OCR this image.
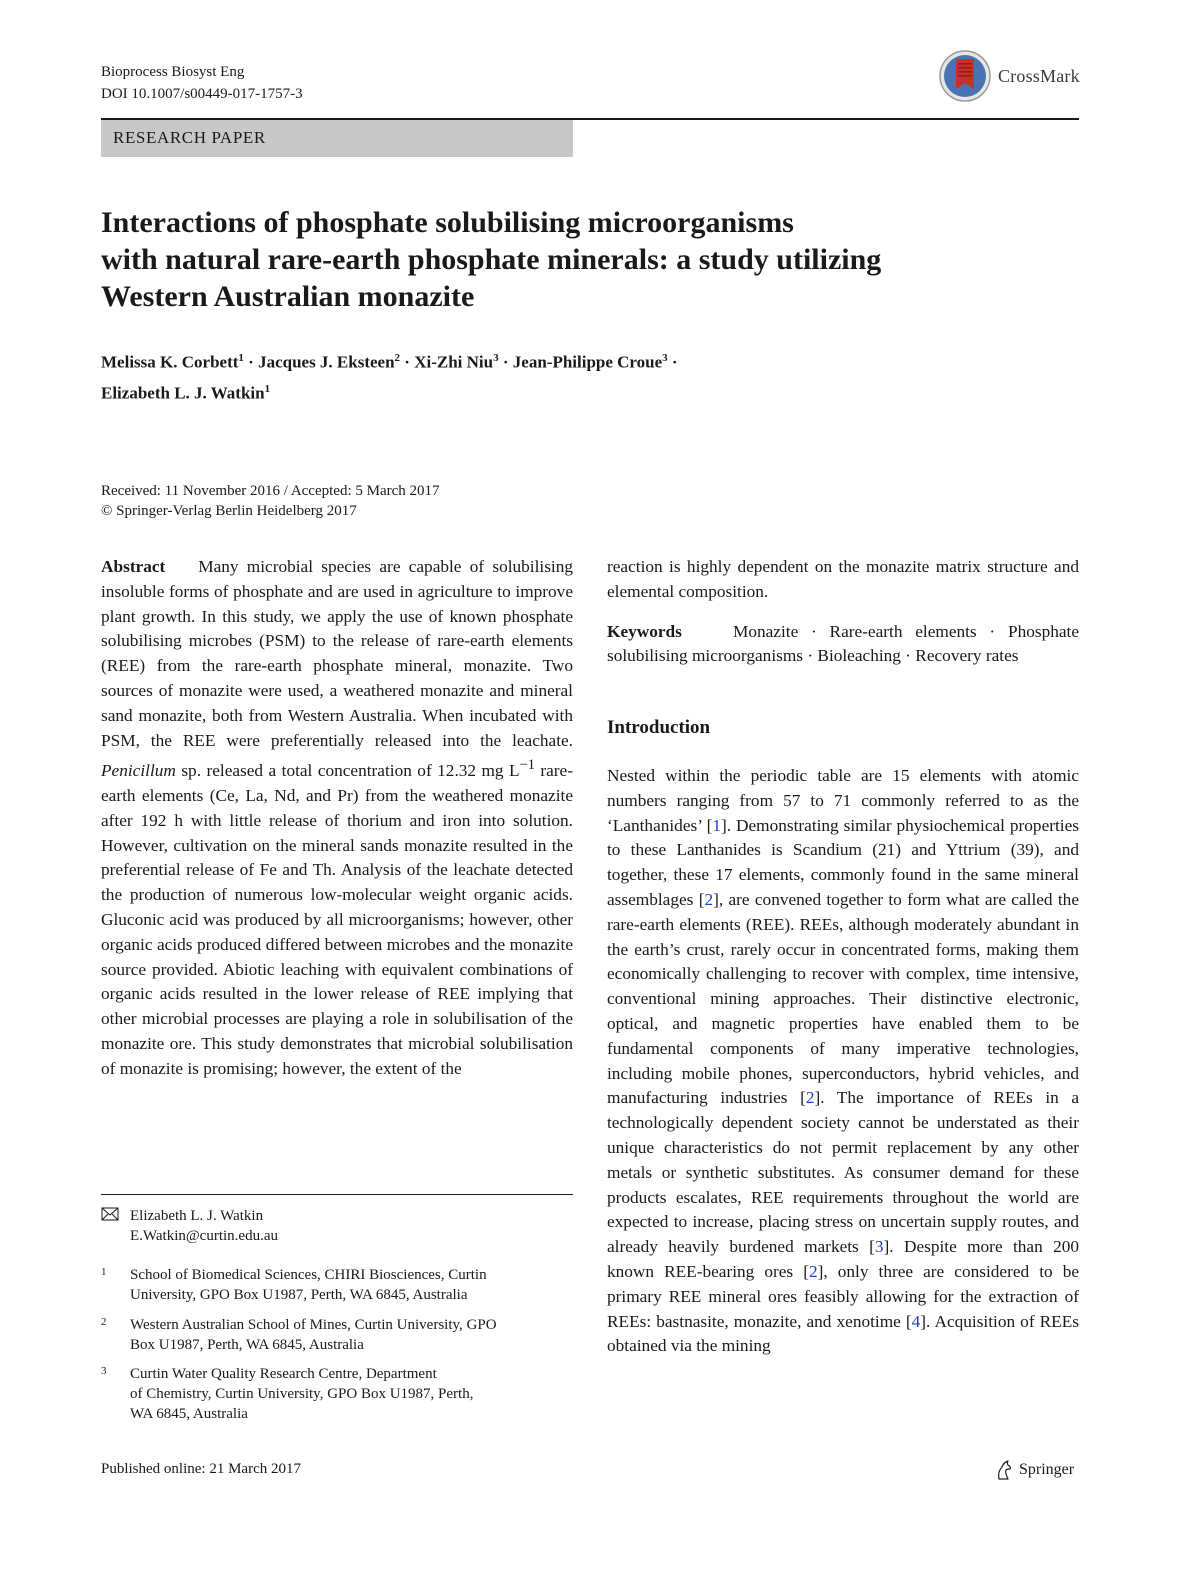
Bioprocess Biosyst Eng
DOI 10.1007/s00449-017-1757-3
CrossMark
RESEARCH PAPER
Interactions of phosphate solubilising microorganisms
with natural rare-earth phosphate minerals: a study utilizing
Western Australian monazite
Melissa K. Corbett$^1$ · Jacques J. Eksteen$^2$ · Xi-Zhi Niu$^3$ · Jean-Philippe Croue$^3$ ·
Elizabeth L. J. Watkin$^1$
Received: 11 November 2016 / Accepted: 5 March 2017
© Springer-Verlag Berlin Heidelberg 2017

Abstract Many microbial species are capable of solubilising insoluble forms of phosphate and are used in agriculture to improve plant growth. In this study, we apply the use of known phosphate solubilising microbes (PSM) to the release of rare-earth elements (REE) from the rare-earth phosphate mineral, monazite. Two sources of monazite were used, a weathered monazite and mineral sand monazite, both from Western Australia. When incubated with PSM, the REE were preferentially released into the leachate. Penicillum sp. released a total concentration of 12.32 mg $L^{-1}$ rare-earth elements (Ce, La, Nd, and Pr) from the weathered monazite after 192 h with little release of thorium and iron into solution. However, cultivation on the mineral sands monazite resulted in the preferential release of Fe and Th. Analysis of the leachate detected the production of numerous low-molecular weight organic acids. Gluconic acid was produced by all microorganisms; however, other organic acids produced differed between microbes and the monazite source provided. Abiotic leaching with equivalent combinations of organic acids resulted in the lower release of REE implying that other microbial processes are playing a role in solubilisation of the monazite ore. This study demonstrates that microbial solubilisation of monazite is promising; however, the extent of the

reaction is highly dependent on the monazite matrix structure and elemental composition.

Keywords	Monazite · Rare-earth elements · Phosphate solubilising microorganisms · Bioleaching · Recovery rates

Introduction

Nested within the periodic table are 15 elements with atomic numbers ranging from 57 to 71 commonly referred to as the ‘Lanthanides’ [1]. Demonstrating similar physiochemical properties to these Lanthanides is Scandium (21) and Yttrium (39), and together, these 17 elements, commonly found in the same mineral assemblages [2], are convened together to form what are called the rare-earth elements (REE). REEs, although moderately abundant in the earth’s crust, rarely occur in concentrated forms, making them economically challenging to recover with complex, time intensive, conventional mining approaches. Their distinctive electronic, optical, and magnetic properties have enabled them to be fundamental components of many imperative technologies, including mobile phones, superconductors, hybrid vehicles, and manufacturing industries [2]. The importance of REEs in a technologically dependent society cannot be understated as their unique characteristics do not permit replacement by any other metals or synthetic substitutes. As consumer demand for these products escalates, REE requirements throughout the world are expected to increase, placing stress on uncertain supply routes, and already heavily burdened markets [3]. Despite more than 200 known REE-bearing ores [2], only three are considered to be primary REE mineral ores feasibly allowing for the extraction of REEs: bastnasite, monazite, and xenotime [4]. Acquisition of REEs obtained via the mining

Elizabeth L. J. Watkin
E.Watkin@curtin.edu.au
1 School of Biomedical Sciences, CHIRI Biosciences, Curtin
University, GPO Box U1987, Perth, WA 6845, Australia
2 Western Australian School of Mines, Curtin University, GPO
Box U1987, Perth, WA 6845, Australia
3 Curtin Water Quality Research Centre, Department
of Chemistry, Curtin University, GPO Box U1987, Perth,
WA 6845, Australia
Published online: 21 March 2017	Springer
